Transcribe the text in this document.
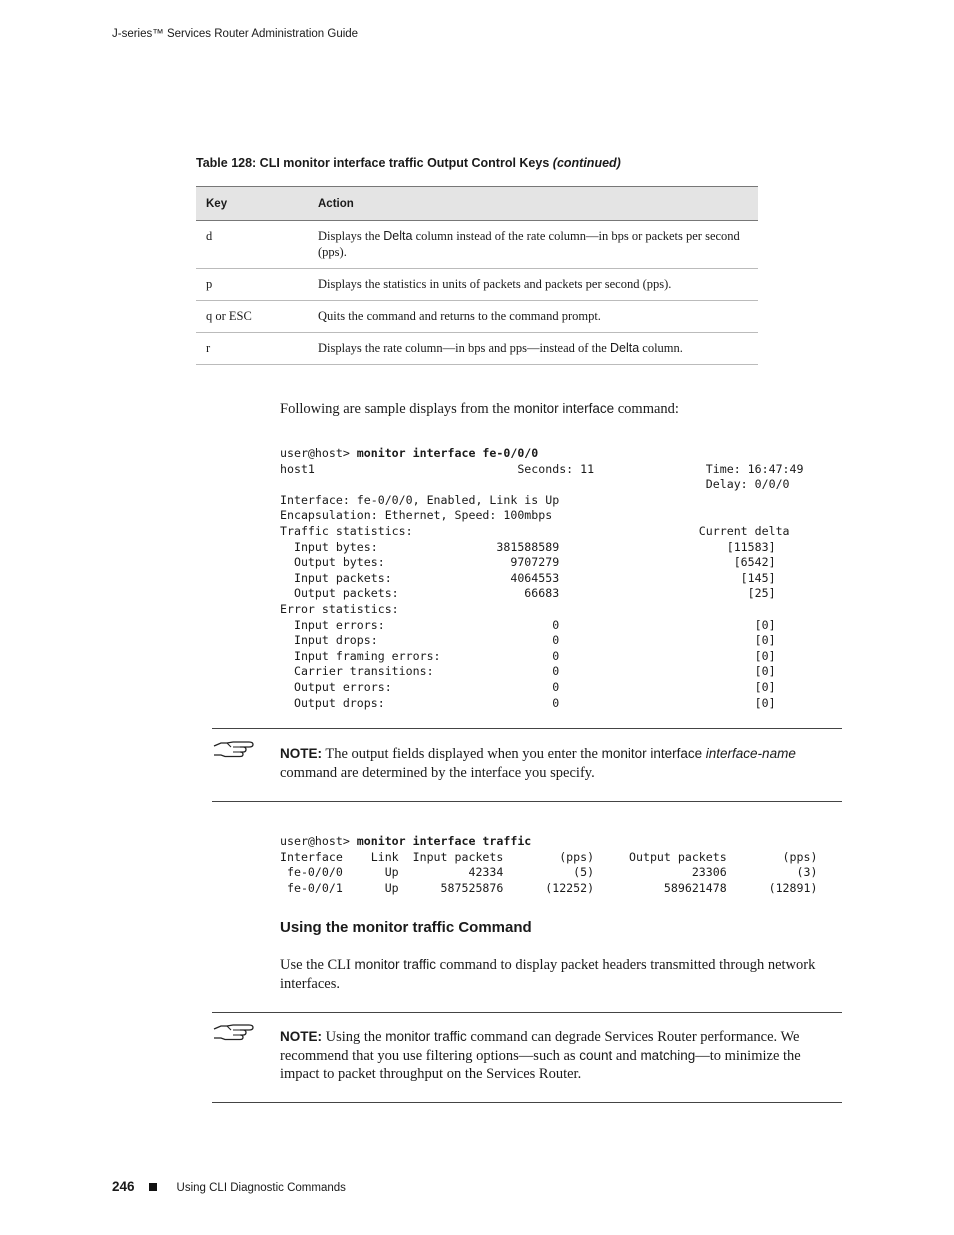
J-series™ Services Router Administration Guide
Table 128: CLI monitor interface traffic Output Control Keys (continued)
Key	Action
d	Displays the Delta column instead of the rate column—in bps or packets per second (pps).
p	Displays the statistics in units of packets and packets per second (pps).
q or ESC	Quits the command and returns to the command prompt.
r	Displays the rate column—in bps and pps—instead of the Delta column.
Following are sample displays from the monitor interface command:
user@host> monitor interface fe-0/0/0
host1                             Seconds: 11                Time: 16:47:49
Delay: 0/0/0
Interface: fe-0/0/0, Enabled, Link is Up
Encapsulation: Ethernet, Speed: 100mbps
Traffic statistics:                                         Current delta
Input bytes:                 381588589                        [11583]
Output bytes:                  9707279                         [6542]
Input packets:                 4064553                          [145]
Output packets:                  66683                           [25]
Error statistics:
Input errors:                        0                            [0]
Input drops:                         0                            [0]
Input framing errors:                0                            [0]
Carrier transitions:                 0                            [0]
Output errors:                       0                            [0]
Output drops:                        0                            [0]
NOTE: The output fields displayed when you enter the monitor interface interface-name command are determined by the interface you specify.
user@host> monitor interface traffic
Interface    Link  Input packets        (pps)     Output packets        (pps)
fe-0/0/0      Up          42334          (5)              23306          (3)
fe-0/0/1      Up      587525876      (12252)          589621478      (12891)
Using the monitor traffic Command
Use the CLI monitor traffic command to display packet headers transmitted through network interfaces.
NOTE: Using the monitor traffic command can degrade Services Router performance. We recommend that you use filtering options—such as count and matching—to minimize the impact to packet throughput on the Services Router.
246	Using CLI Diagnostic Commands
